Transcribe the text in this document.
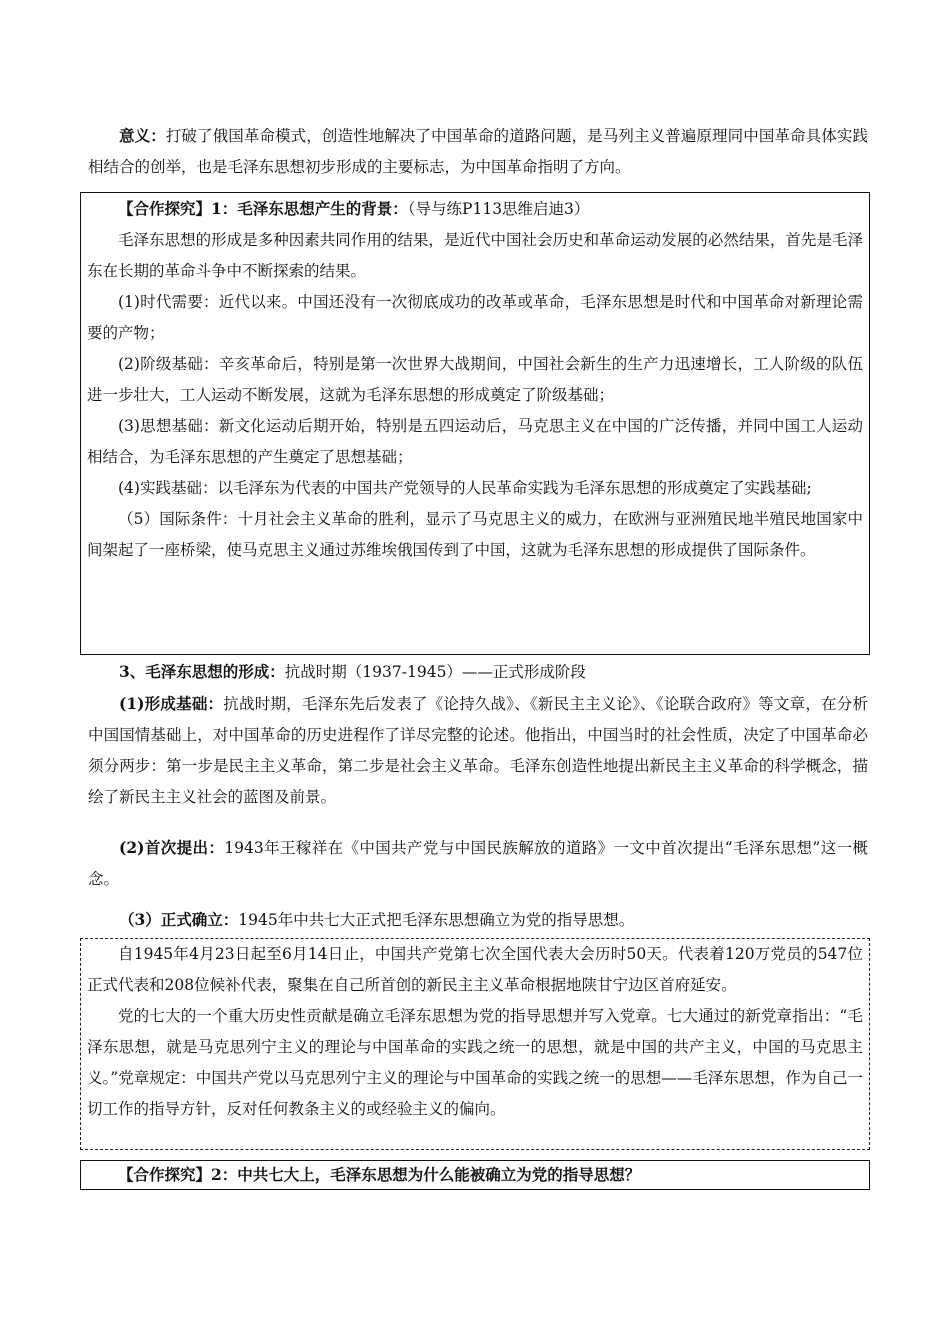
意义：打破了俄国革命模式，创造性地解决了中国革命的道路问题，是马列主义普遍原理同中国革命具体实践相结合的创举，也是毛泽东思想初步形成的主要标志，为中国革命指明了方向。

【合作探究】1：毛泽东思想产生的背景：（导与练P113思维启迪3）

毛泽东思想的形成是多种因素共同作用的结果，是近代中国社会历史和革命运动发展的必然结果，首先是毛泽东在长期的革命斗争中不断探索的结果。

(1)时代需要：近代以来。中国还没有一次彻底成功的改革或革命，毛泽东思想是时代和中国革命对新理论需要的产物；

(2)阶级基础：辛亥革命后，特别是第一次世界大战期间，中国社会新生的生产力迅速增长，工人阶级的队伍进一步壮大，工人运动不断发展，这就为毛泽东思想的形成奠定了阶级基础；

(3)思想基础：新文化运动后期开始，特别是五四运动后，马克思主义在中国的广泛传播，并同中国工人运动相结合，为毛泽东思想的产生奠定了思想基础；

(4)实践基础：以毛泽东为代表的中国共产党领导的人民革命实践为毛泽东思想的形成奠定了实践基础;

（5）国际条件：十月社会主义革命的胜利，显示了马克思主义的威力，在欧洲与亚洲殖民地半殖民地国家中间架起了一座桥梁，使马克思主义通过苏维埃俄国传到了中国，这就为毛泽东思想的形成提供了国际条件。

3、毛泽东思想的形成：抗战时期（1937-1945）——正式形成阶段

(1)形成基础：抗战时期，毛泽东先后发表了《论持久战》、《新民主主义论》、《论联合政府》等文章，在分析中国国情基础上，对中国革命的历史进程作了详尽完整的论述。他指出，中国当时的社会性质，决定了中国革命必须分两步：第一步是民主主义革命，第二步是社会主义革命。毛泽东创造性地提出新民主主义革命的科学概念，描绘了新民主主义社会的蓝图及前景。

(2)首次提出：1943年王稼祥在《中国共产党与中国民族解放的道路》一文中首次提出“毛泽东思想”这一概念。

（3）正式确立：1945年中共七大正式把毛泽东思想确立为党的指导思想。

自1945年4月23日起至6月14日止，中国共产党第七次全国代表大会历时50天。代表着120万党员的547位正式代表和208位候补代表，聚集在自己所首创的新民主主义革命根据地陕甘宁边区首府延安。

党的七大的一个重大历史性贡献是确立毛泽东思想为党的指导思想并写入党章。七大通过的新党章指出：“毛泽东思想，就是马克思列宁主义的理论与中国革命的实践之统一的思想，就是中国的共产主义，中国的马克思主义。”党章规定：中国共产党以马克思列宁主义的理论与中国革命的实践之统一的思想——毛泽东思想，作为自己一切工作的指导方针，反对任何教条主义的或经验主义的偏向。

【合作探究】2：中共七大上，毛泽东思想为什么能被确立为党的指导思想？
